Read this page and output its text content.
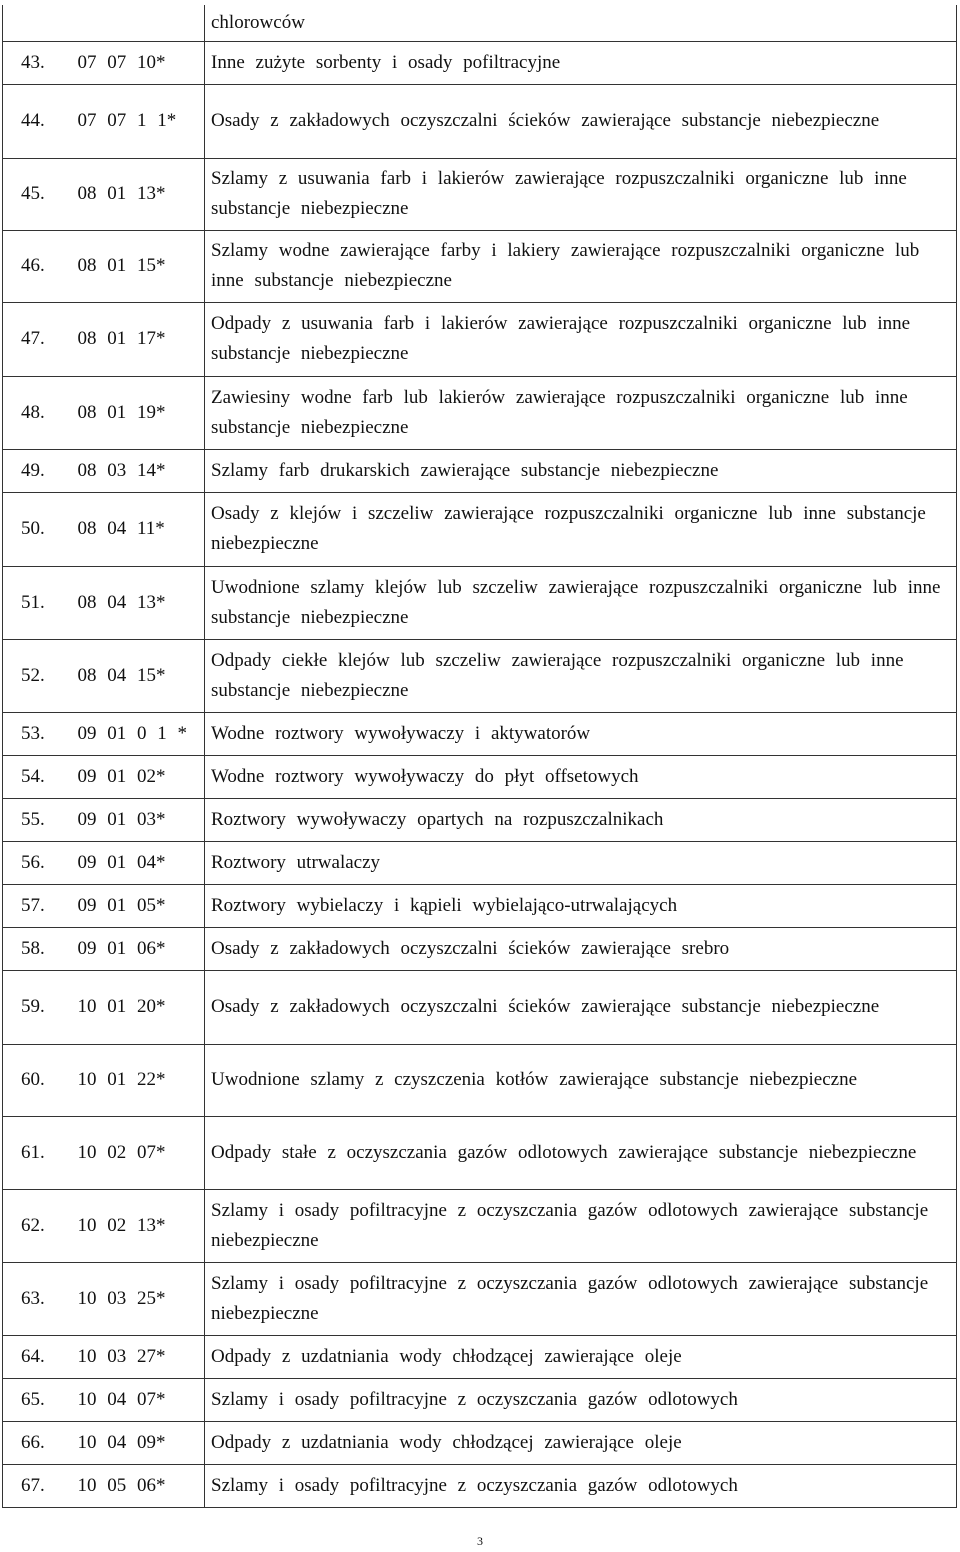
		chlorowców
43.	07 07 10*	Inne zużyte sorbenty i osady pofiltracyjne
44.	07 07 1 1*	Osady z zakładowych oczyszczalni ścieków zawierające substancje niebezpieczne
45.	08 01 13*	Szlamy z usuwania farb i lakierów zawierające rozpuszczalniki organiczne lub inne substancje niebezpieczne
46.	08 01 15*	Szlamy wodne zawierające farby i lakiery zawierające rozpuszczalniki organiczne lub inne substancje niebezpieczne
47.	08 01 17*	Odpady z usuwania farb i lakierów zawierające rozpuszczalniki organiczne lub inne substancje niebezpieczne
48.	08 01 19*	Zawiesiny wodne farb lub lakierów zawierające rozpuszczalniki organiczne lub inne substancje niebezpieczne
49.	08 03 14*	Szlamy farb drukarskich zawierające substancje niebezpieczne
50.	08 04 11*	Osady z klejów i szczeliw zawierające rozpuszczalniki organiczne lub inne substancje niebezpieczne
51.	08 04 13*	Uwodnione szlamy klejów lub szczeliw zawierające rozpuszczalniki organiczne lub inne substancje niebezpieczne
52.	08 04 15*	Odpady ciekłe klejów lub szczeliw zawierające rozpuszczalniki organiczne lub inne substancje niebezpieczne
53.	09 01 0 1 *	Wodne roztwory wywoływaczy i aktywatorów
54.	09 01 02*	Wodne roztwory wywoływaczy do płyt offsetowych
55.	09 01 03*	Roztwory wywoływaczy opartych na rozpuszczalnikach
56.	09 01 04*	Roztwory utrwalaczy
57.	09 01 05*	Roztwory wybielaczy i kąpieli wybielająco-utrwalających
58.	09 01 06*	Osady z zakładowych oczyszczalni ścieków zawierające srebro
59.	10 01 20*	Osady z zakładowych oczyszczalni ścieków zawierające substancje niebezpieczne
60.	10 01 22*	Uwodnione szlamy z czyszczenia kotłów zawierające substancje niebezpieczne
61.	10 02 07*	Odpady stałe z oczyszczania gazów odlotowych zawierające substancje niebezpieczne
62.	10 02 13*	Szlamy i osady pofiltracyjne z oczyszczania gazów odlotowych zawierające substancje niebezpieczne
63.	10 03 25*	Szlamy i osady pofiltracyjne z oczyszczania gazów odlotowych zawierające substancje niebezpieczne
64.	10 03 27*	Odpady z uzdatniania wody chłodzącej zawierające oleje
65.	10 04 07*	Szlamy i osady pofiltracyjne z oczyszczania gazów odlotowych
66.	10 04 09*	Odpady z uzdatniania wody chłodzącej zawierające oleje
67.	10 05 06*	Szlamy i osady pofiltracyjne z oczyszczania gazów odlotowych
3
